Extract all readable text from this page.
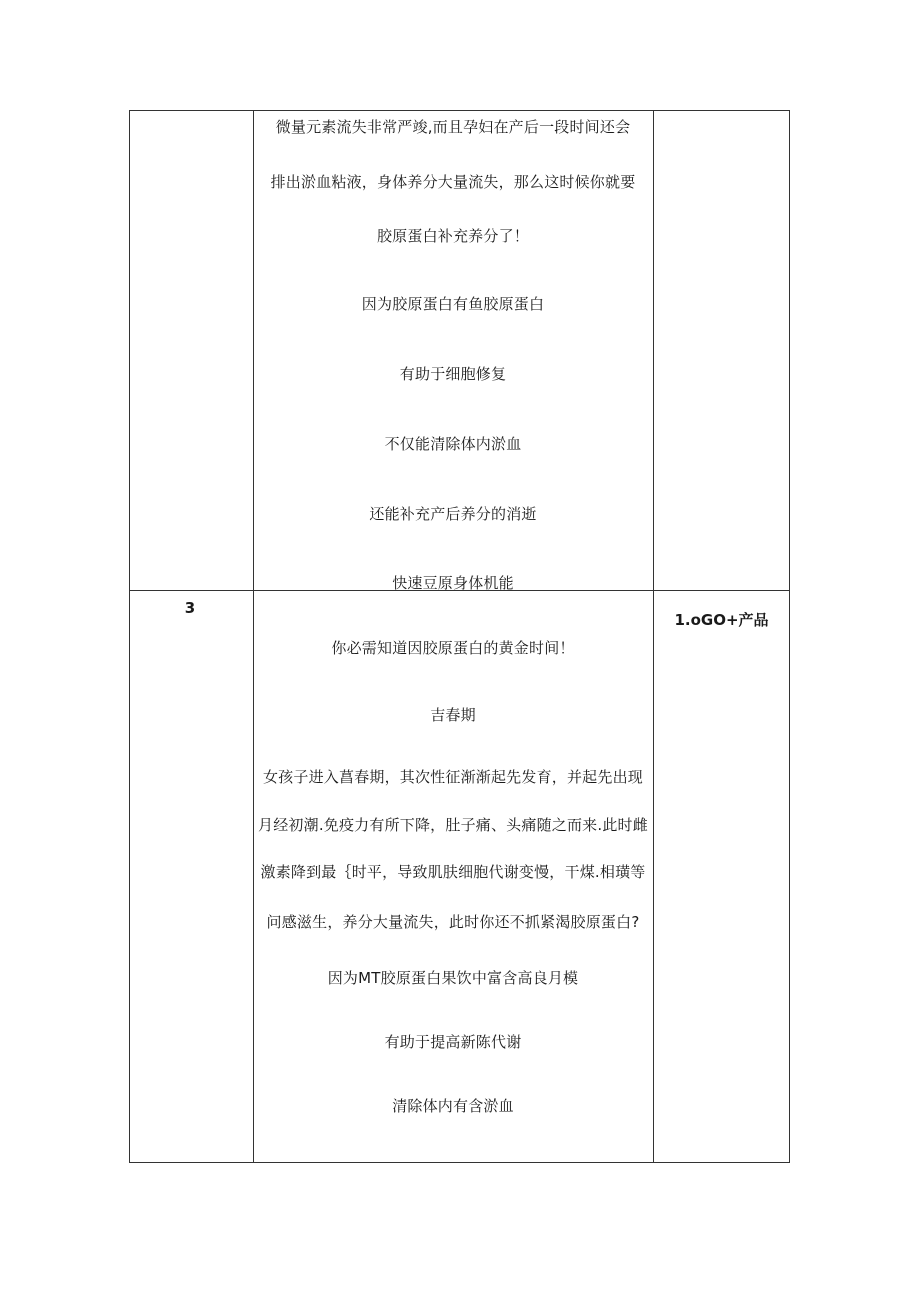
微量元素流失非常严竣,而且孕妇在产后一段时间还会
排出淤血粘液，身体养分大量流失，那么这时候你就要
胶原蛋白补充养分了！
因为胶原蛋白有鱼胶原蛋白
有助于细胞修复
不仅能清除体内淤血
还能补充产后养分的消逝
快速豆原身体机能
3
1.oGO+产品
你必需知道因胶原蛋白的黄金时间！
吉春期
女孩子进入菖春期，其次性征渐渐起先发育，并起先出现
月经初潮.免疫力有所下降，肚子痛、头痛随之而来.此时雌
激素降到最｛时平，导致肌肤细胞代谢变慢，干煤.相璜等
问感滋生，养分大量流失，此时你还不抓紧渴胶原蛋白?
因为MT胶原蛋白果饮中富含高良月模
有助于提高新陈代谢
清除体内有含淤血
